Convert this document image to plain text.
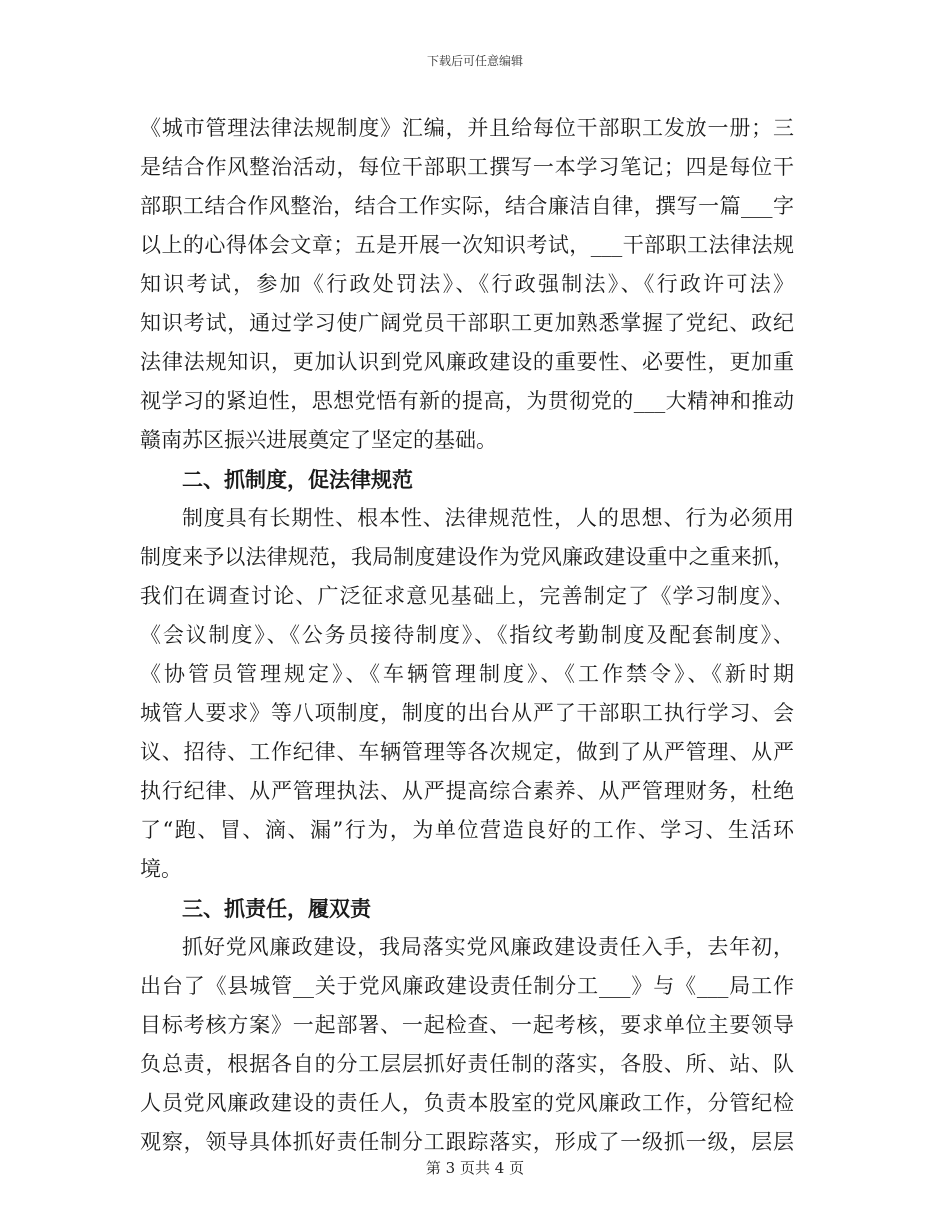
下载后可任意编辑
《城市管理法律法规制度》汇编，并且给每位干部职工发放一册；三
是结合作风整治活动，每位干部职工撰写一本学习笔记；四是每位干
部职工结合作风整治，结合工作实际，结合廉洁自律，撰写一篇___字
以上的心得体会文章；五是开展一次知识考试，___干部职工法律法规
知识考试，参加《行政处罚法》、《行政强制法》、《行政许可法》
知识考试，通过学习使广阔党员干部职工更加熟悉掌握了党纪、政纪
法律法规知识，更加认识到党风廉政建设的重要性、必要性，更加重
视学习的紧迫性，思想党悟有新的提高，为贯彻党的___大精神和推动
赣南苏区振兴进展奠定了坚定的基础。
二、抓制度，促法律规范
制度具有长期性、根本性、法律规范性，人的思想、行为必须用
制度来予以法律规范，我局制度建设作为党风廉政建设重中之重来抓，
我们在调查讨论、广泛征求意见基础上，完善制定了《学习制度》、
《会议制度》、《公务员接待制度》、《指纹考勤制度及配套制度》、
《协管员管理规定》、《车辆管理制度》、《工作禁令》、《新时期
城管人要求》等八项制度，制度的出台从严了干部职工执行学习、会
议、招待、工作纪律、车辆管理等各次规定，做到了从严管理、从严
执行纪律、从严管理执法、从严提高综合素养、从严管理财务，杜绝
了“跑、冒、滴、漏”行为，为单位营造良好的工作、学习、生活环
境。
三、抓责任，履双责
抓好党风廉政建设，我局落实党风廉政建设责任入手，去年初，
出台了《县城管__关于党风廉政建设责任制分工___》与《___局工作
目标考核方案》一起部署、一起检查、一起考核，要求单位主要领导
负总责，根据各自的分工层层抓好责任制的落实，各股、所、站、队
人员党风廉政建设的责任人，负责本股室的党风廉政工作，分管纪检
观察，领导具体抓好责任制分工跟踪落实，形成了一级抓一级，层层
第 3 页共 4 页
